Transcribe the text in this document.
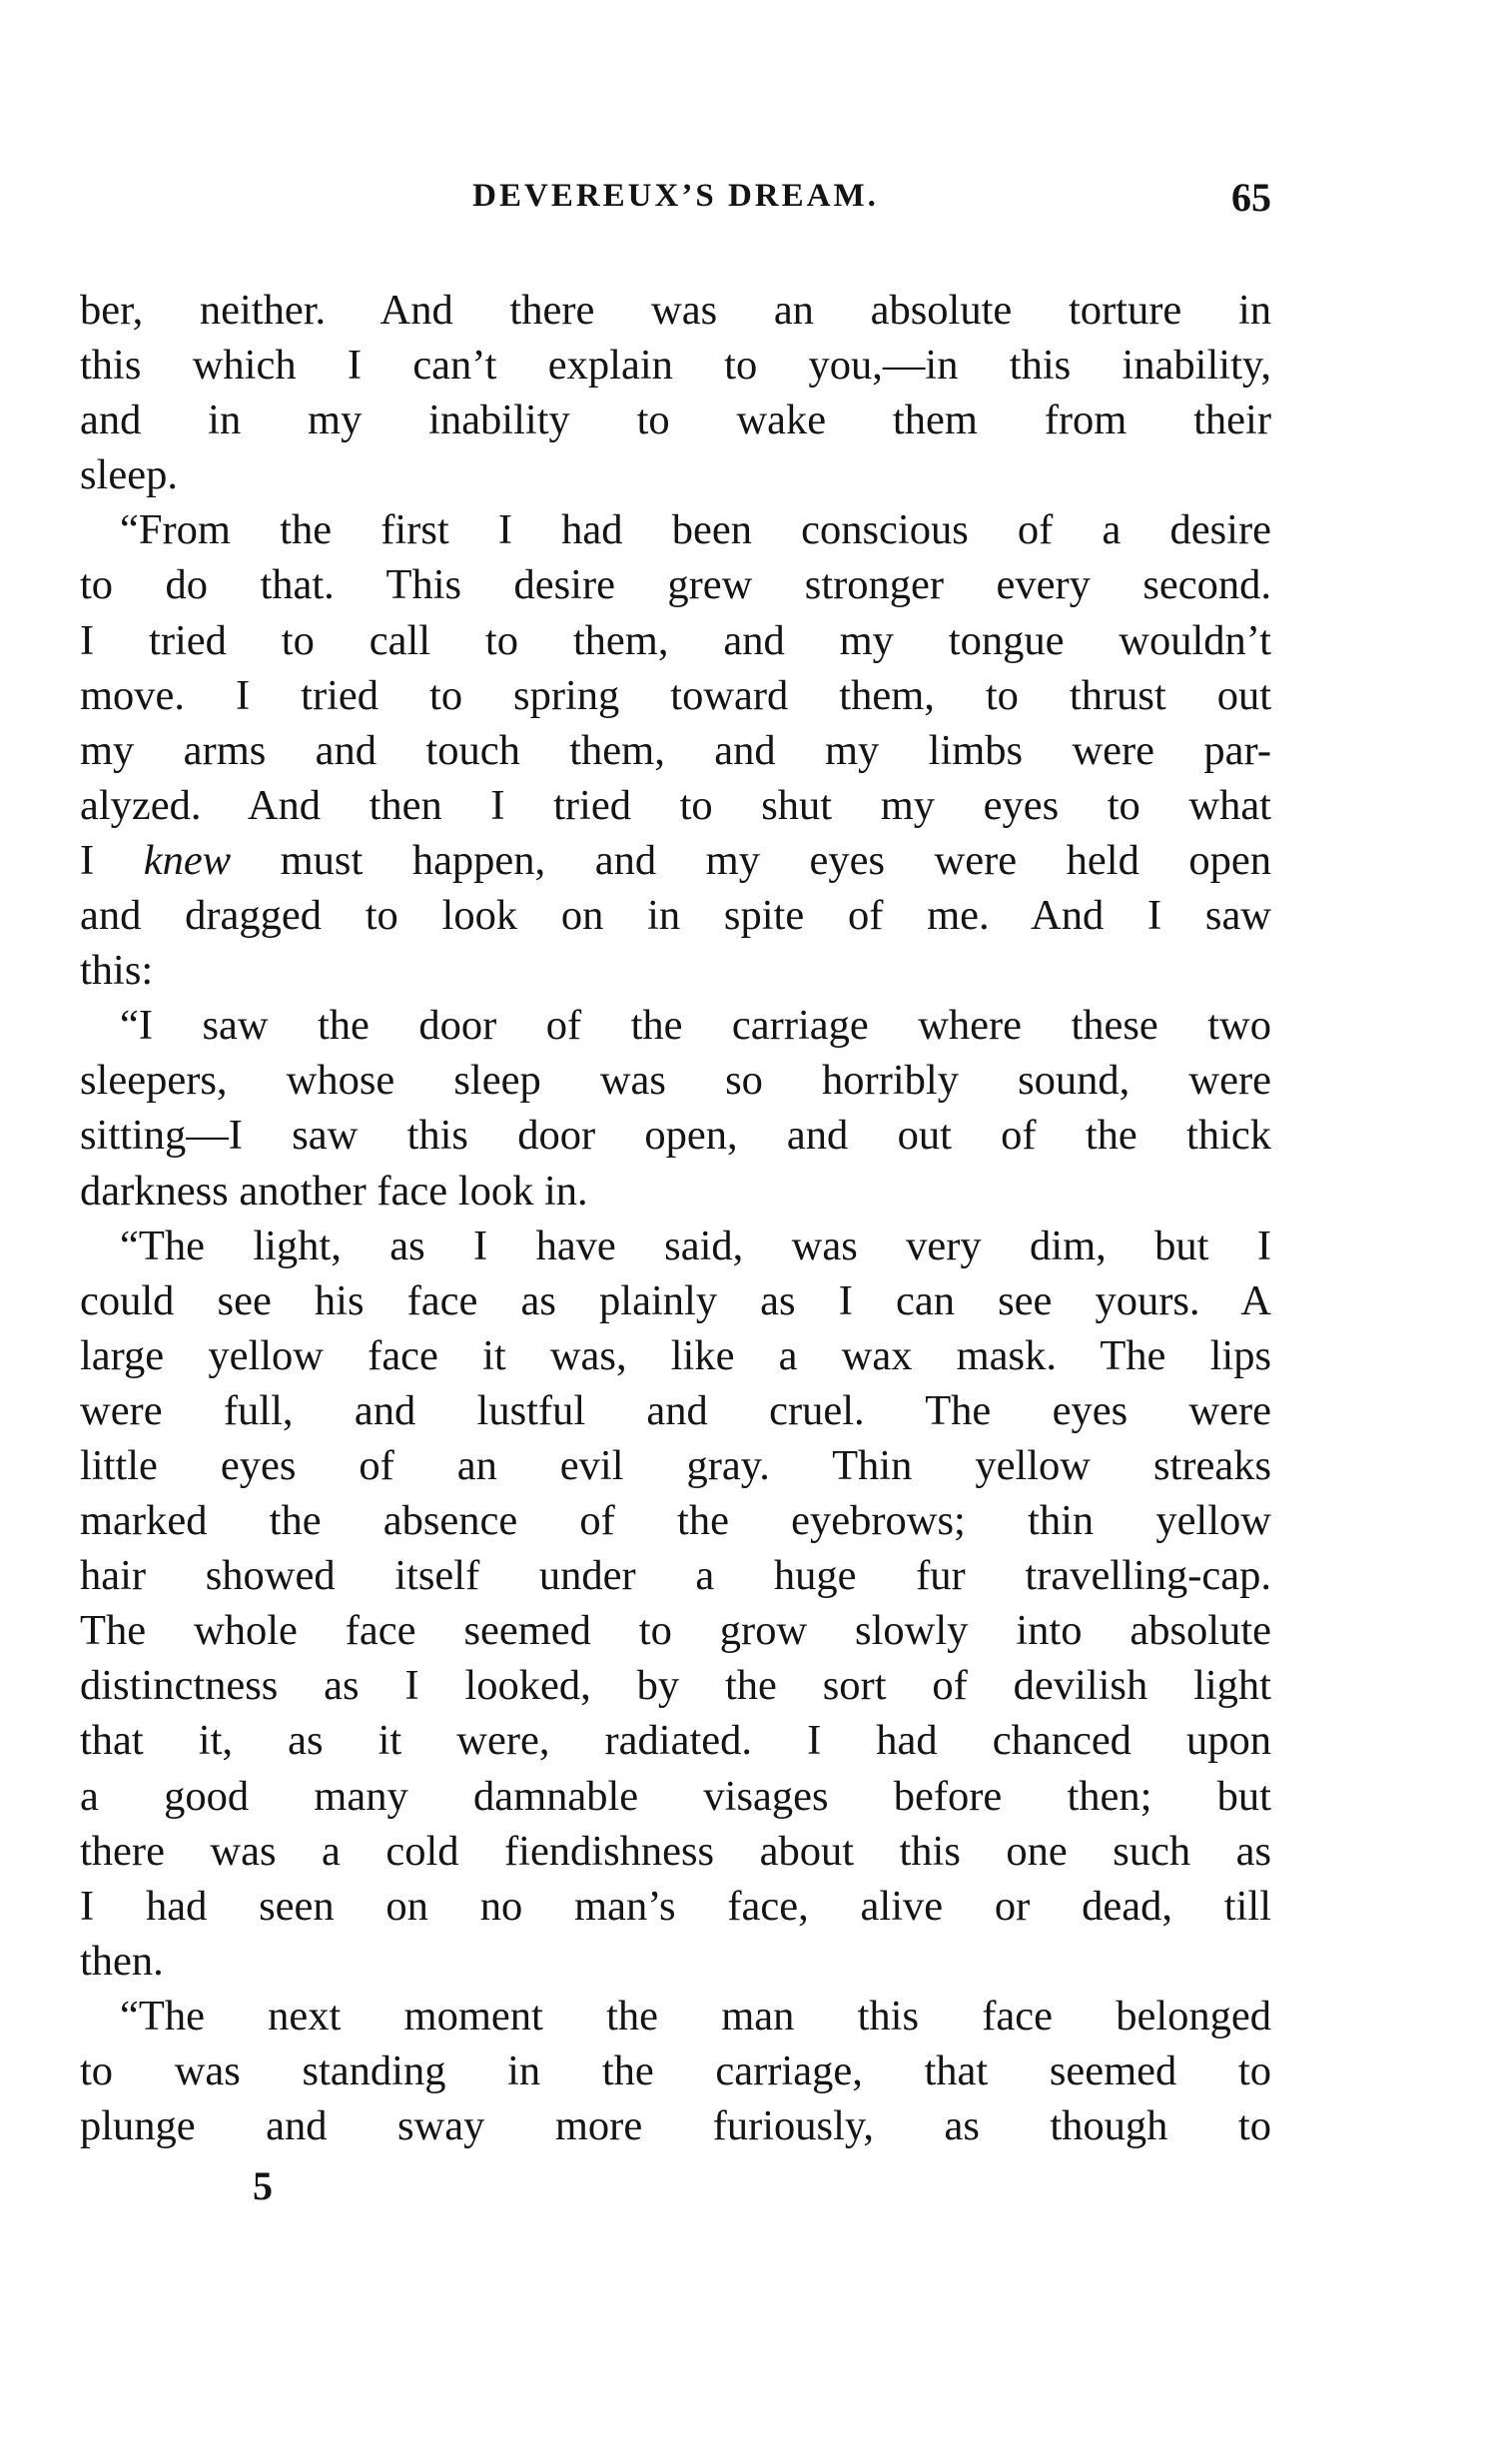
DEVEREUX’S DREAM.	65
ber, neither. And there was an absolute torture in
this which I can’t explain to you,—in this inability,
and in my inability to wake them from their
sleep.
“From the first I had been conscious of a desire
to do that. This desire grew stronger every second.
I tried to call to them, and my tongue wouldn’t
move. I tried to spring toward them, to thrust out
my arms and touch them, and my limbs were par-
alyzed. And then I tried to shut my eyes to what
I knew must happen, and my eyes were held open
and dragged to look on in spite of me. And I saw
this:
“I saw the door of the carriage where these two
sleepers, whose sleep was so horribly sound, were
sitting—I saw this door open, and out of the thick
darkness another face look in.
“The light, as I have said, was very dim, but I
could see his face as plainly as I can see yours. A
large yellow face it was, like a wax mask. The lips
were full, and lustful and cruel. The eyes were
little eyes of an evil gray. Thin yellow streaks
marked the absence of the eyebrows; thin yellow
hair showed itself under a huge fur travelling-cap.
The whole face seemed to grow slowly into absolute
distinctness as I looked, by the sort of devilish light
that it, as it were, radiated. I had chanced upon
a good many damnable visages before then; but
there was a cold fiendishness about this one such as
I had seen on no man’s face, alive or dead, till
then.
“The next moment the man this face belonged
to was standing in the carriage, that seemed to
plunge and sway more furiously, as though to
5
